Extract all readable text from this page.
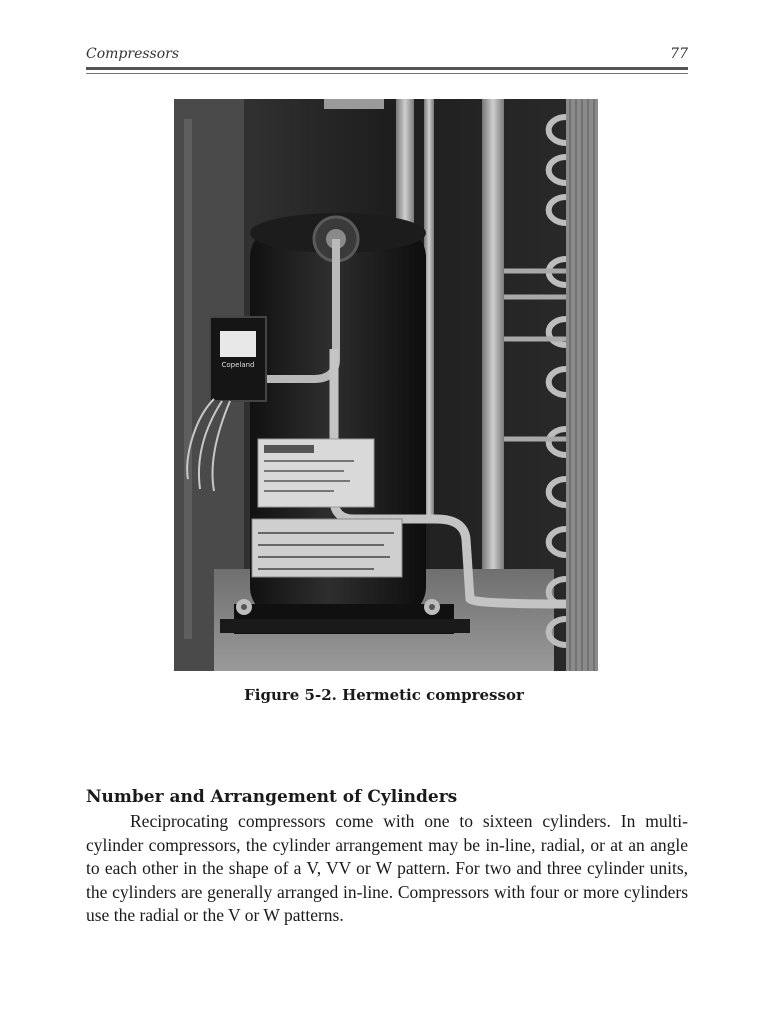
Compressors	77
Copeland
Figure 5-2. Hermetic compressor
Number and Arrangement of Cylinders

Reciprocating compressors come with one to sixteen cylinders. In multi-cylinder compressors, the cylinder arrangement may be in-line, radial, or at an angle to each other in the shape of a V, VV or W pattern. For two and three cylinder units, the cylinders are generally arranged in-line. Compressors with four or more cylinders use the radial or the V or W patterns.
